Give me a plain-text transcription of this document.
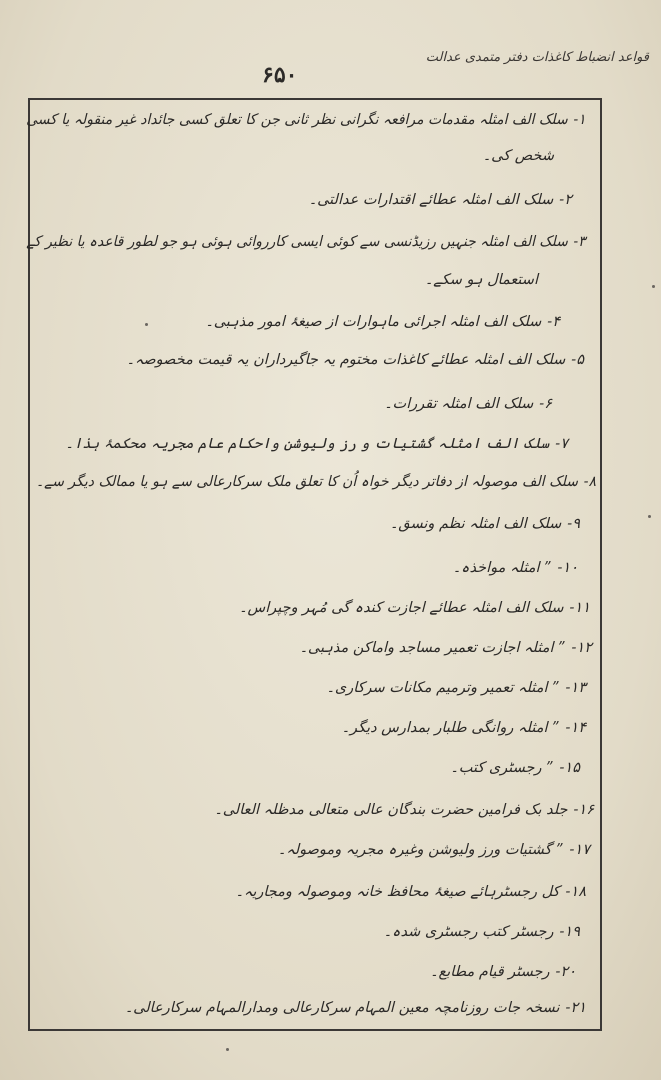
قواعد انضباط کاغذات دفتر متمدی عدالت
۶۵۰
۱-سلک الف امثلہ مقدمات مرافعہ نگرانی نظر ثانی جن کا تعلق کسی جائداد غیر منقولہ یا کسی
شخص کی۔
۲-سلک الف امثلہ عطائے اقتدارات عدالتی۔
۳-سلک الف امثلہ جنہیں رزیڈنسی سے کوئی ایسی کارروائی ہوئی ہو جو لطور قاعدہ یا نظیر کے
استعمال ہو سکے۔
۴-سلک الف امثلہ اجرائی ماہوارات از صیغۂ امور مذہبی۔
۵-سلک الف امثلہ عطائے کاغذات مختوم یہ جاگیرداران یہ قیمت مخصوصہ۔
۶-سلک الف امثلہ تقررات۔
۷-سلک الف امثلہ گشتیات و رز ولیوشن واحکام عام مجریہ محکمۂ ہذا۔
۸-سلک الف موصولہ از دفاتر دیگر خواہ اُن کا تعلق ملک سرکارعالی سے ہو یا ممالک دیگر سے۔
۹-سلک الف امثلہ نظم ونسق۔
۱۰-” امثلہ مواخذہ۔
۱۱-سلک الف امثلہ عطائے اجازت کندہ گی مُہر وچپراس۔
۱۲-” امثلہ اجازت تعمیر مساجد واماکن مذہبی۔
۱۳-” امثلہ تعمیر وترمیم مکانات سرکاری۔
۱۴-” امثلہ روانگی طلبار بمدارس دیگر۔
۱۵-” رجسٹری کتب۔
۱۶-جلد بک فرامین حضرت بندگان عالی متعالی مدظلہ العالی۔
۱۷-” گشتیات ورز ولیوشن وغیرہ مجریہ وموصولہ۔
۱۸-کل رجسٹرہائے صیغۂ محافظ خانہ وموصولہ ومجاریہ۔
۱۹-رجسٹر کتب رجسٹری شدہ۔
۲۰-رجسٹر قیام مطابع۔
۲۱-نسخہ جات روزنامچہ معین المہام سرکارعالی ومدارالمہام سرکارعالی۔
